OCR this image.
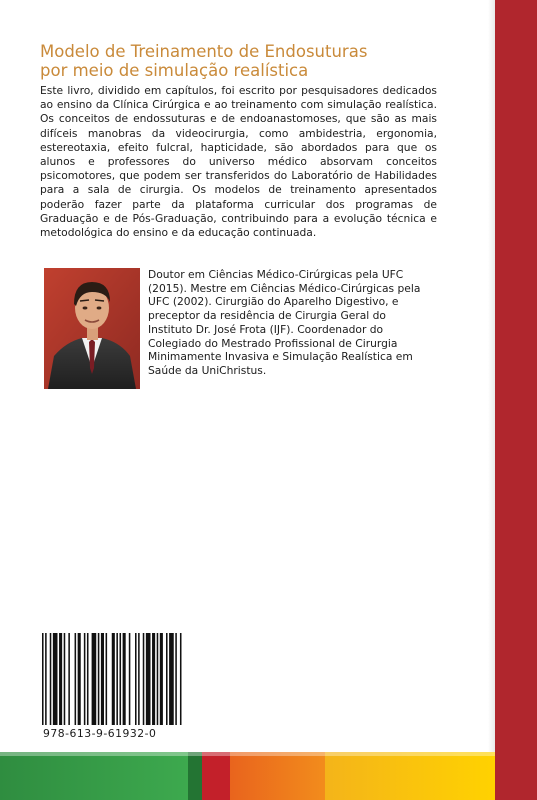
Modelo de Treinamento de Endosuturas
por meio de simulação realística

Este livro, dividido em capítulos, foi escrito por pesquisadores dedicados ao ensino da Clínica Cirúrgica e ao treinamento com simulação realística. Os conceitos de endossuturas e de endoanastomoses, que são as mais difíceis manobras da videocirurgia, como ambidestria, ergonomia, estereotaxia, efeito fulcral, hapticidade, são abordados para que os alunos e professores do universo médico absorvam conceitos psicomotores, que podem ser transferidos do Laboratório de Habilidades para a sala de cirurgia. Os modelos de treinamento apresentados poderão fazer parte da plataforma curricular dos programas de Graduação e de Pós-Graduação, contribuindo para a evolução técnica e metodológica do ensino e da educação continuada.

Doutor em Ciências Médico-Cirúrgicas pela UFC
(2015). Mestre em Ciências Médico-Cirúrgicas pela
UFC (2002). Cirurgião do Aparelho Digestivo, e
preceptor da residência de Cirurgia Geral do
Instituto Dr. José Frota (IJF). Coordenador do
Colegiado do Mestrado Profissional de Cirurgia
Minimamente Invasiva e Simulação Realística em
Saúde da UniChristus.

978-613-9-61932-0
